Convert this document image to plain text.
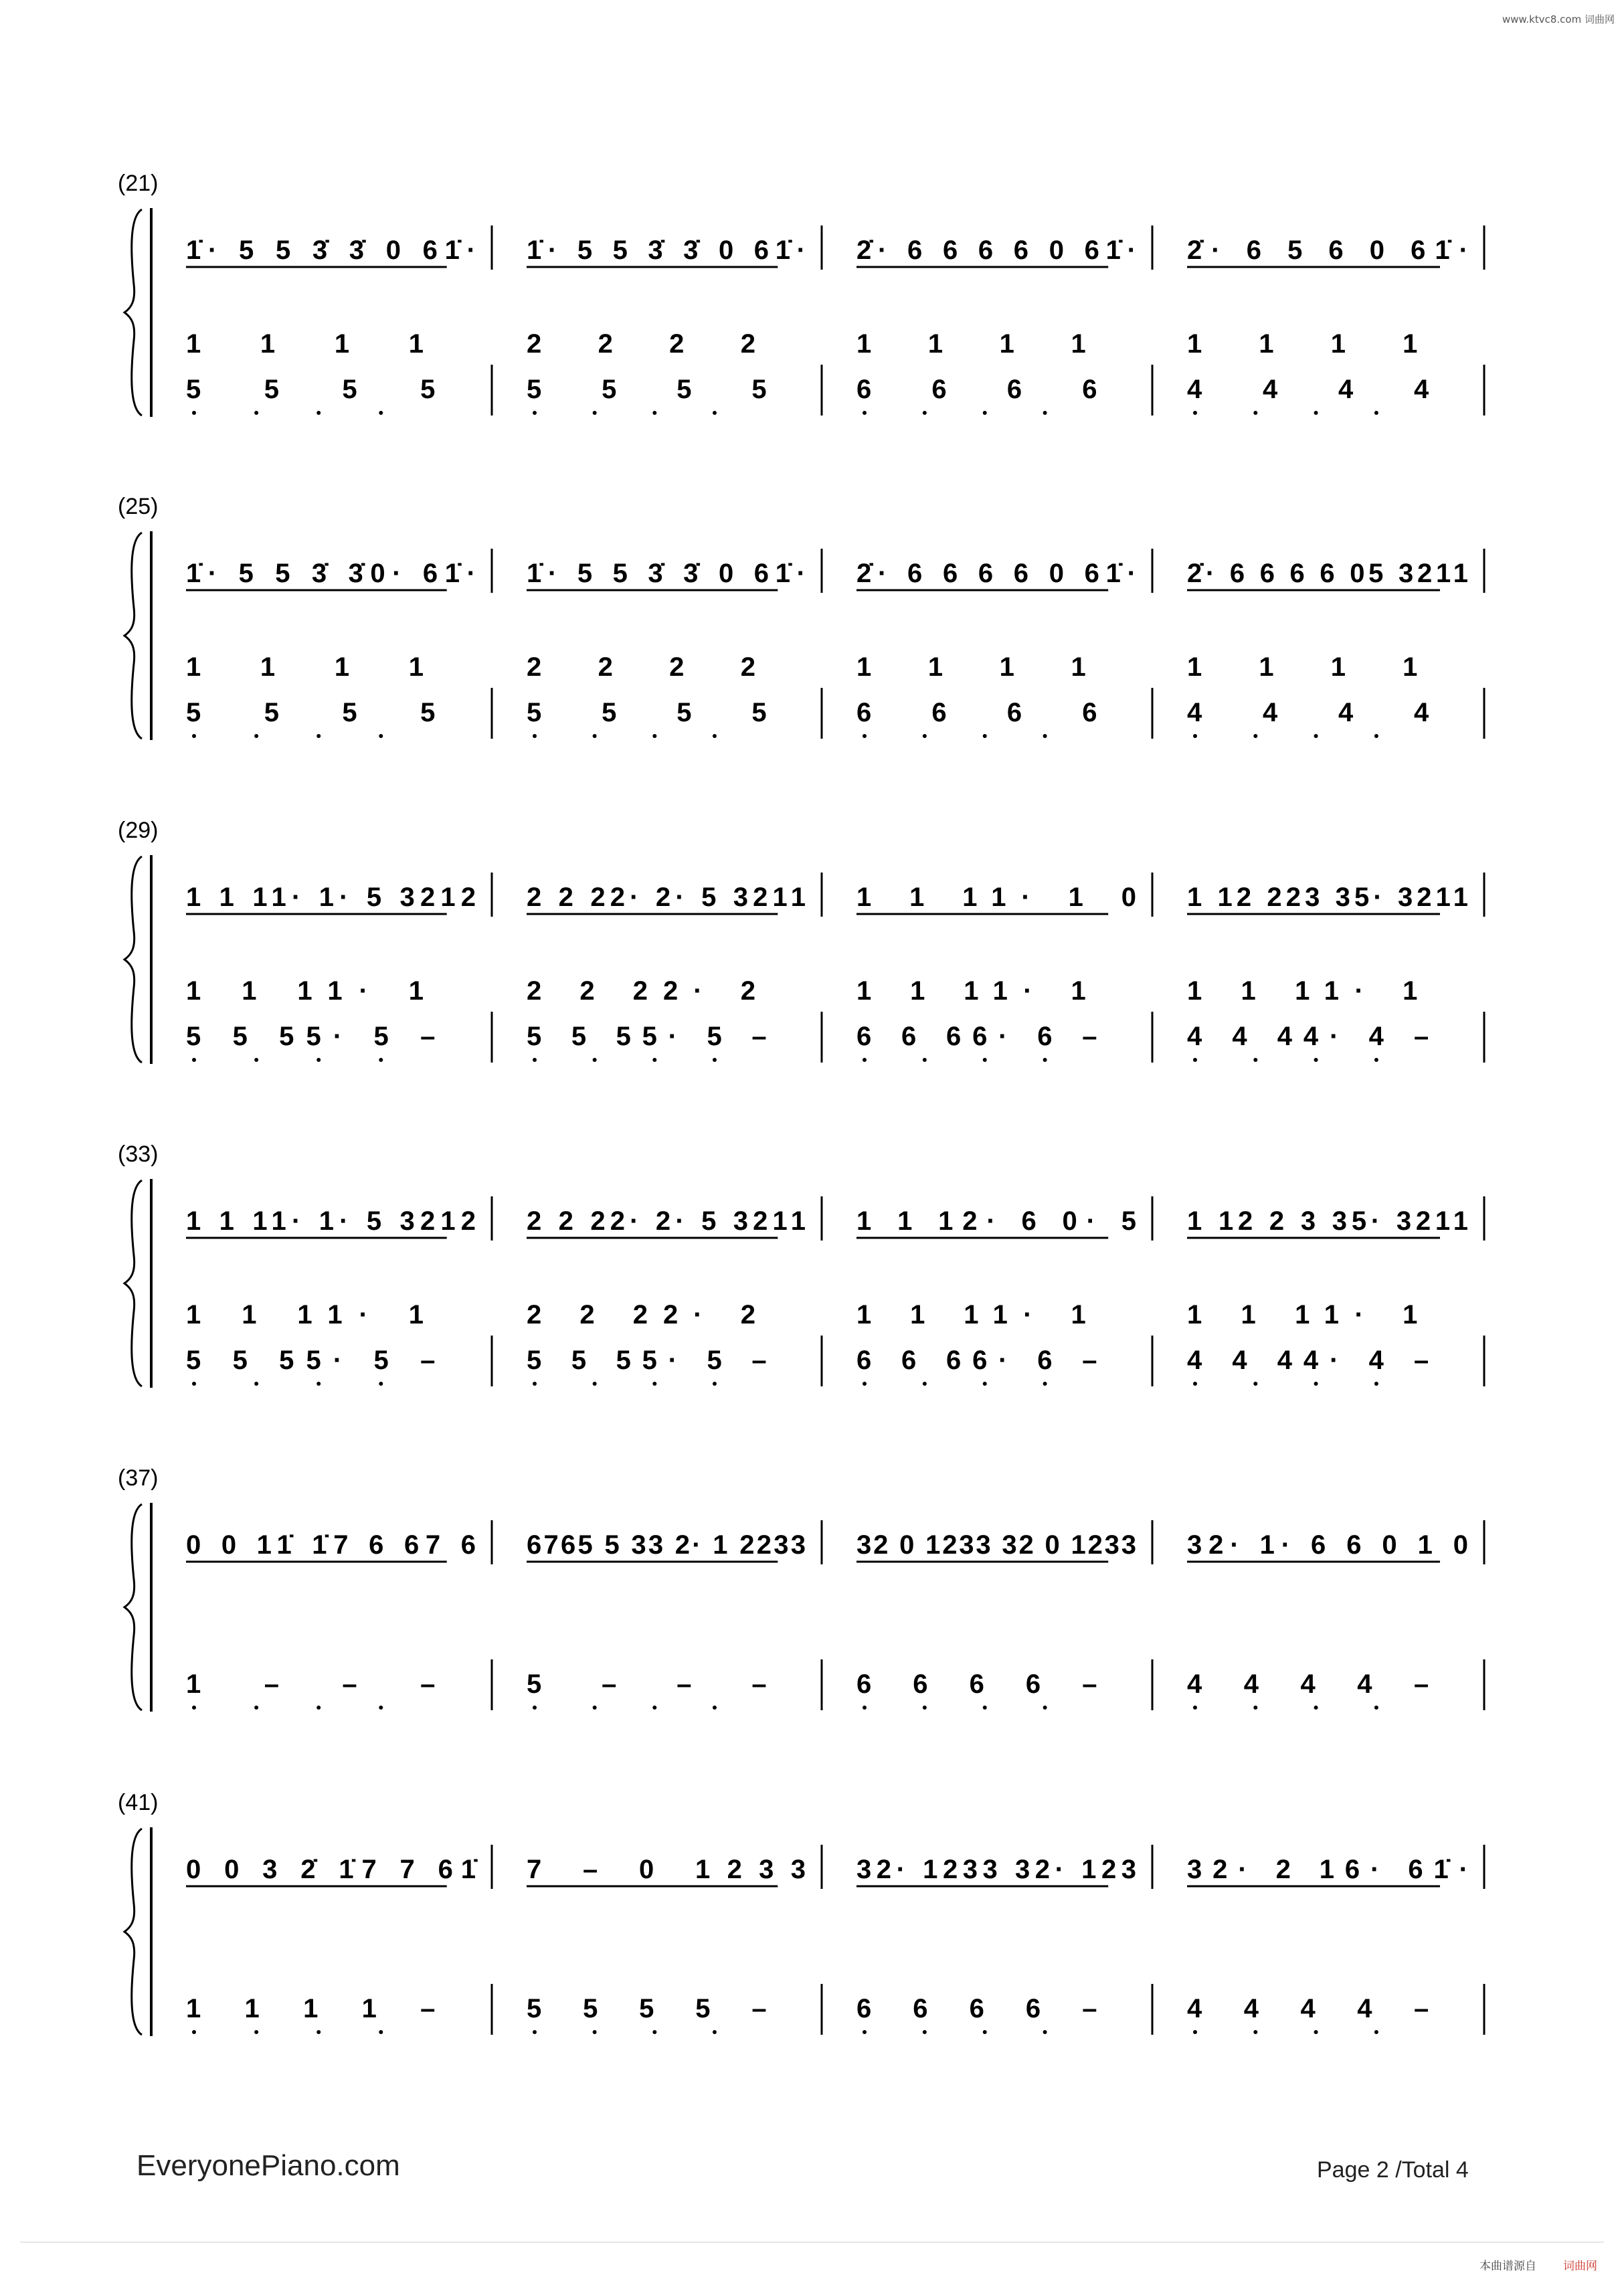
www.ktvc8.com 词曲网
(21)
1̇· 5 5 3̇ 3̇ 0 61̇·
1 1 1 1
5 5 5 5
1̇· 5 5 3̇ 3̇ 0 61̇·
2 2 2 2
5 5 5 5
2̇· 6 6 6 6 0 61̇·
1 1 1 1
6 6 6 6
2̇· 6 5 6 0 61̇·
1 1 1 1
4 4 4 4
(25)
1̇· 5 5 3̇ 3̇0· 61̇·
1 1 1 1
5 5 5 5
1̇· 5 5 3̇ 3̇ 0 61̇·
2 2 2 2
5 5 5 5
2̇· 6 6 6 6 0 61̇·
1 1 1 1
6 6 6 6
2̇· 6 6 6 6 05 3211
1 1 1 1
4 4 4 4
(29)
1 1 11· 1· 5 3212
1 1 11· 1
5 5 55· 5 –
2 2 22· 2· 5 3211
2 2 22· 2
5 5 55· 5 –
1 1 11· 1 0
1 1 11· 1
6 6 66· 6 –
1 12 223 35· 3211
1 1 11· 1
4 4 44· 4 –
(33)
1 1 11· 1· 5 3212
1 1 11· 1
5 5 55· 5 –
2 2 22· 2· 5 3211
2 2 22· 2
5 5 55· 5 –
1 1 12· 6 0· 5
1 1 11· 1
6 6 66· 6 –
1 12 2 3 35· 3211
1 1 11· 1
4 4 44· 4 –
(37)
0 0 11̇ 1̇7 6 67 6
1 – – –
6765 5 33 2· 1 2233
5 – – –
32 0 1233 32 0 1233
6 6 6 6 –
32· 1· 6 6 0 1 0
4 4 4 4 –
(41)
0 0 3 2̇ 1̇7 7 61̇
1 1 1 1 –
7 – 0 1233
5 5 5 5 –
32· 1233 32· 123
6 6 6 6 –
32· 2 16· 61̇·
4 4 4 4 –
EveryonePiano.com	Page 2 /Total 4
本曲谱源自 词曲网
